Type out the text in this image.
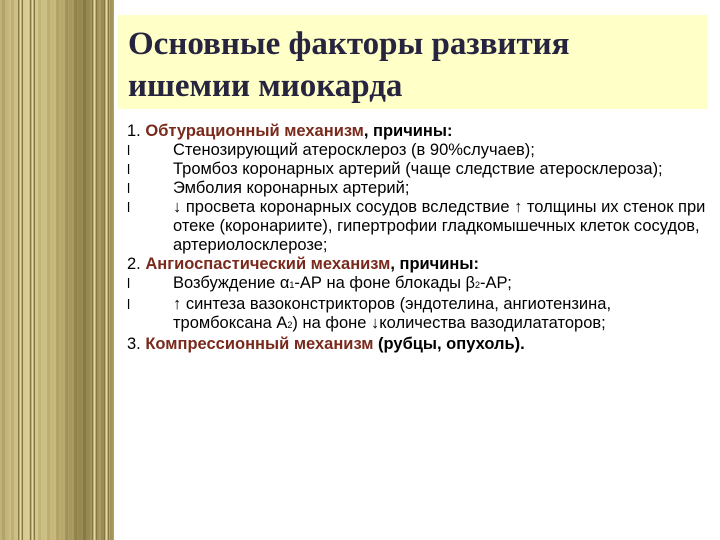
Основные факторы развития
ишемии миокарда
1. Обтурационный механизм, причины:
l	Стенозирующий атеросклероз (в 90%случаев);
l	Тромбоз коронарных артерий (чаще следствие атеросклероза);
l	Эмболия коронарных артерий;
l	↓ просвета коронарных сосудов вследствие ↑ толщины их стенок при отеке (коронариите), гипертрофии гладкомышечных клеток сосудов, артериолосклерозе;
2. Ангиоспастический механизм, причины:
l	Возбуждение α1-АР на фоне блокады β2-АР;
l	↑ синтеза вазоконстрикторов (эндотелина, ангиотензина, тромбоксана А2) на фоне ↓количества вазодилататоров;
3. Компрессионный механизм (рубцы, опухоль).
